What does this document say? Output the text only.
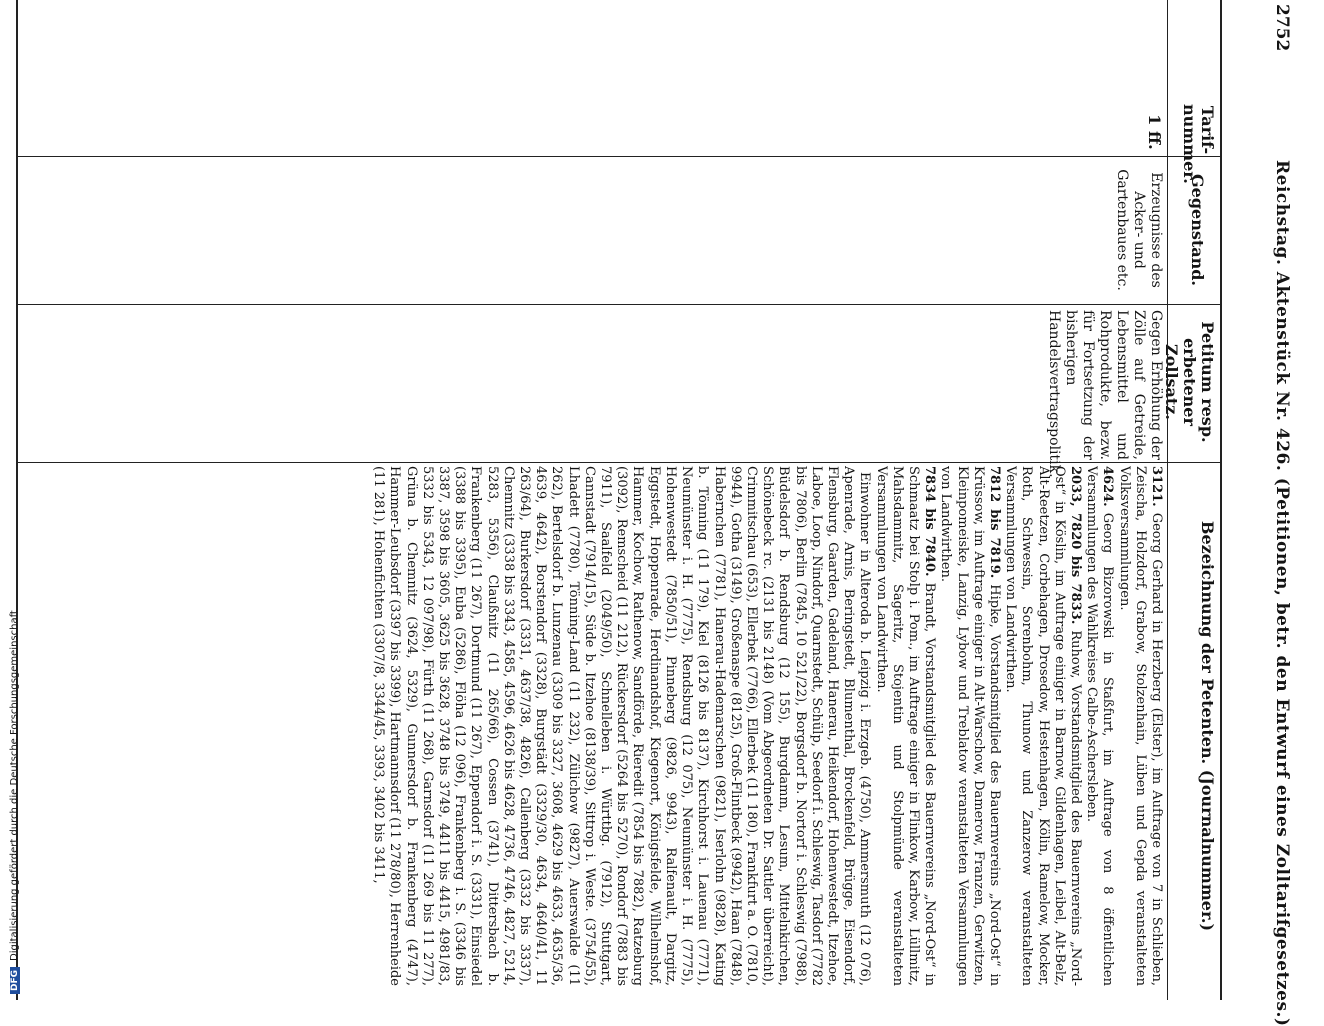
2752
Reichstag. Aktenstück Nr. 426. (Petitionen, betr. den Entwurf eines Zolltarifgesetzes.)
Tarif-nummer.
Gegenstand.
Petitum resp. erbetener Zollsatz.
Bezeichnung der Petenten. (Journalnummer.)
1 ff.
Erzeugnisse des Acker- und Gartenbaues etc.
Gegen Erhöhung der Zölle auf Getreide, Lebensmittel und Rohprodukte, bezw. für Fortsetzung der bisherigen Handelsvertragspolitik.

3121.Georg Gerhard in Herzberg (Elster), im Auftrage von 7 in Schlieben, Zeischa, Holzdorf, Grabow, Stolzenhain, Lüben und Gepda veranstalteten Volksversammlungen.

4624.Georg Bizorowski in Staßfurt, im Auftrage von 8 öffentlichen Versammlungen des Wahlkreises Calbe-Aschersleben.

2033, 7820 bis 7833.Ruhow, Vorstandsmitglied des Bauernvereins „Nord-Ost“ in Köslin, im Auftrage einiger in Barnow, Gildenhagen, Leibel, Alt-Belz, Alt-Reetzen, Corbehagen, Drosedow, Hestenhagen, Kölin, Ramelow, Mocker, Roth, Schwessin, Sorenbohm, Thunow und Zanzerow veranstalteten Versammlungen von Landwirthen.

7812 bis 7819.Hipke, Vorstandsmitglied des Bauernvereins „Nord-Ost“ in Krüssow, im Auftrage einiger in Alt-Warschow, Damerow, Franzen, Gerwitzen, Kleinpomeiske, Lanzig, Lybow und Treblatow veranstalteten Versammlungen von Landwirthen.

7834 bis 7840.Brandt, Vorstandsmitglied des Bauernvereins „Nord-Ost“ in Schmaatz bei Stolp i. Pom., im Auftrage einiger in Flinkow, Karbow, Lüllmitz, Mahsdammitz, Sageritz, Stojentin und Stolpmünde veranstalteten Versammlungen von Landwirthen.

Einwohner in Alteroda b. Leipzig i. Erzgeb. (4750), Ammersmuth (12 076), Apenrade, Arnis, Beringstedt, Blumenthal, Brockenfeld, Brügge, Eisendorf, Flensburg, Gaarden, Gadeland, Hanerau, Heikendorf, Hohenwestedt, Itzehoe, Laboe, Loop, Nindorf, Quarnstedt, Schülp, Seedorf i. Schleswig, Tasdorf (7782 bis 7806), Berlin (7845, 10 521/22), Borgsdorf b. Nortorf i. Schleswig (7988), Büdelsdorf b. Rendsburg (12 155), Burgdamm, Lesum, Mittelnkirchen, Schönebeck rc. (2131 bis 2148) (Vom Abgeordneten Dr. Sattler überreicht), Crimmitschau (653), Ellerbek (7766), Ellerbek (11 180), Frankfurt a. O. (7810, 9944), Gotha (3149), Großenaspe (8125), Groß-Flintbeck (9942), Haan (7848), Habernchen (7781), Hanerau-Hademarschen (9821), Iserlohn (9828), Kating b. Tönning (11 179), Kiel (8126 bis 8137), Kirchhorst i. Lauenau (7771), Neumünster i. H. (7775), Rendsburg (12 075), Neumünster i. H. (7775), Hohenwestedt (7850/51), Pinneberg (9826, 9943), Ralfenault, Dargitz, Eggstedt, Hoppenrade, Herdinandshof, Kiegenort, Königsfelde, Wilhelmshof, Hammer, Kochow, Rathenow, Sandförde, Rieredit (7854 bis 7882), Ratzeburg (3092), Remscheid (11 212), Rückersdorf (5264 bis 5270), Rondorf (7883 bis 7911), Saalfeld (2049/50), Schnelleben i. Württbg. (7912), Stuttgart, Cannstadt (7914/15), Süde b. Itzehoe (8138/39), Sittrop i. Weste. (3754/55), Lhadett (7780), Tönning-Land (11 232), Zülichow (9827), Auerswalde (11 262), Bertelsdorf b. Lunzenau (3309 bis 3327, 3608, 4629 bis 4633, 4635/36, 4639, 4642), Borstendorf (3328), Burgstädt (3329/30, 4634, 4640/41, 11 263/64), Burkersdorf (3331, 4637/38, 4826), Callenberg (3332 bis 3337), Chemnitz (3338 bis 3343, 4585, 4596, 4626 bis 4628, 4736, 4746, 4827, 5214, 5283, 5356), Claußnitz (11 265/66), Cossen (3741), Dittersbach b. Frankenberg (11 267), Dortmund (11 267), Eppendorf i. S. (3331), Einsiedel (3388 bis 3395), Euba (5286), Flöha (12 096), Frankenberg i. S. (3346 bis 3387, 3598 bis 3605, 3625 bis 3628, 3748 bis 3749, 4411 bis 4415, 4981/83, 5332 bis 5343, 12 097/98), Fürth (11 268), Garnsdorf (11 269 bis 11 277), Grüna b. Chemnitz (3624, 5329), Gunnersdorf b. Frankenberg (4747), Hammer-Leubsdorf (3397 bis 3399), Hartmannsdorf (11 278/80), Herrenheide (11 281), Hohenfichten (3307/8, 3344/45, 3393, 3402 bis 3411,

DFGDigitalisierung gefördert durch die Deutsche Forschungsgemeinschaft
